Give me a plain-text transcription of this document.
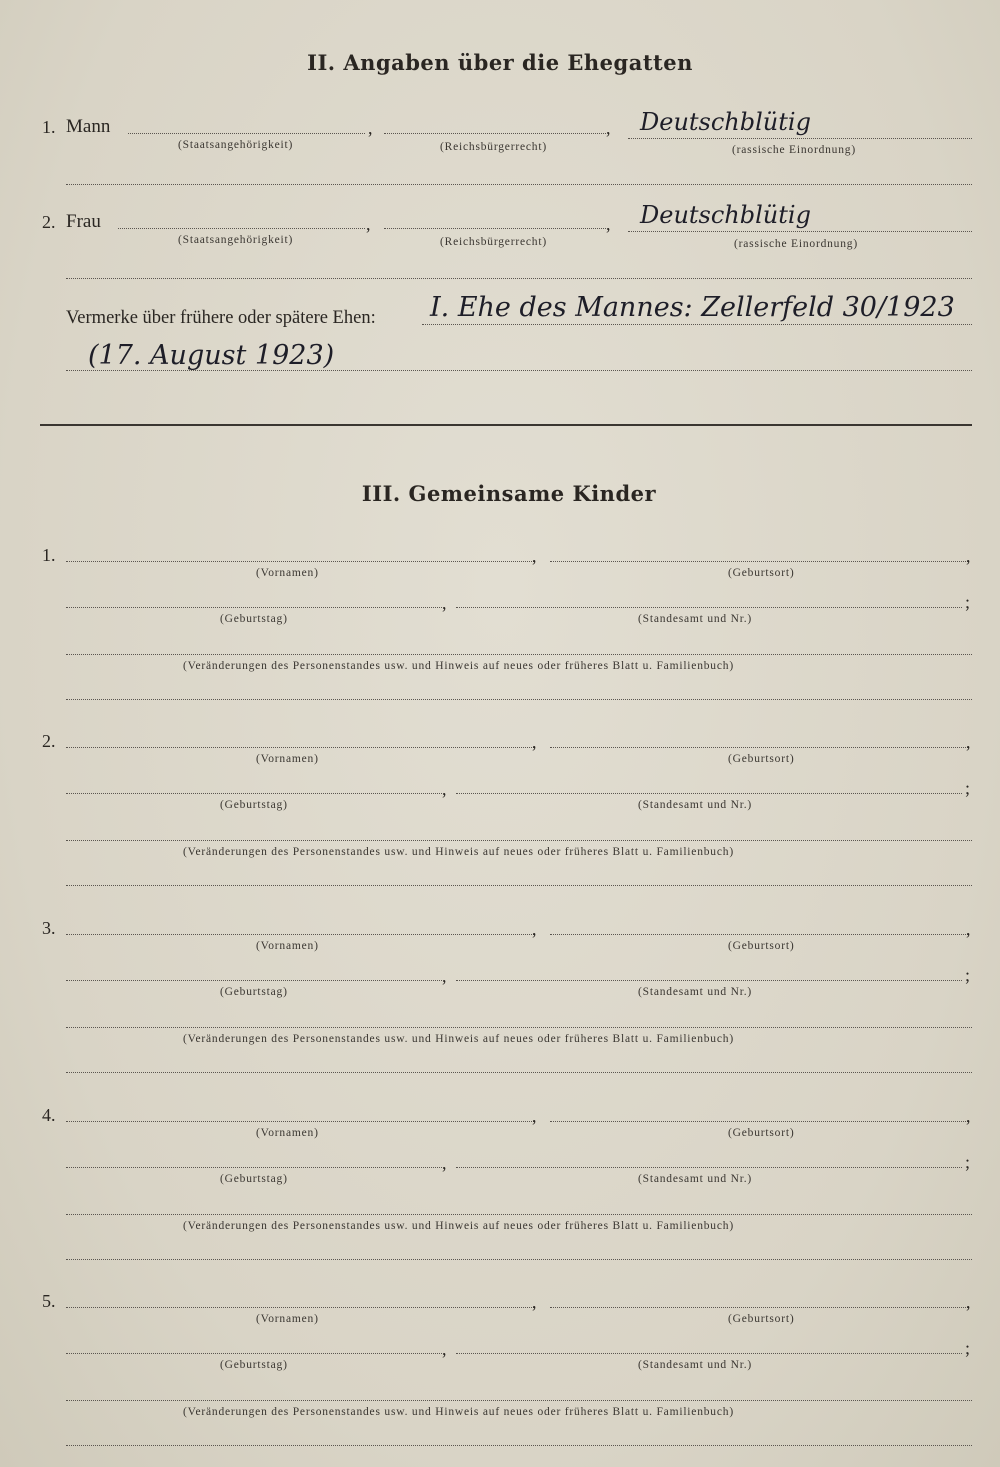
II. Angaben über die Ehegatten
1. Mann	,	, Deutschblütig
(Staatsangehörigkeit)	(Reichsbürgerrecht)	(rassische Einordnung)
2. Frau	,	, Deutschblütig
(Staatsangehörigkeit)	(Reichsbürgerrecht)	(rassische Einordnung)
Vermerke über frühere oder spätere Ehen: I. Ehe des Mannes: Zellerfeld 30/1923
(17. August 1923)
III. Gemeinsame Kinder
1.	,	,
(Vornamen)	(Geburtsort)
,	;
(Geburtstag)	(Standesamt und Nr.)
(Veränderungen des Personenstandes usw. und Hinweis auf neues oder früheres Blatt u. Familienbuch)
2.	,	,
(Vornamen)	(Geburtsort)
,	;
(Geburtstag)	(Standesamt und Nr.)
(Veränderungen des Personenstandes usw. und Hinweis auf neues oder früheres Blatt u. Familienbuch)
3.	,	,
(Vornamen)	(Geburtsort)
,	;
(Geburtstag)	(Standesamt und Nr.)
(Veränderungen des Personenstandes usw. und Hinweis auf neues oder früheres Blatt u. Familienbuch)
4.	,	,
(Vornamen)	(Geburtsort)
,	;
(Geburtstag)	(Standesamt und Nr.)
(Veränderungen des Personenstandes usw. und Hinweis auf neues oder früheres Blatt u. Familienbuch)
5.	,	,
(Vornamen)	(Geburtsort)
,	;
(Geburtstag)	(Standesamt und Nr.)
(Veränderungen des Personenstandes usw. und Hinweis auf neues oder früheres Blatt u. Familienbuch)
